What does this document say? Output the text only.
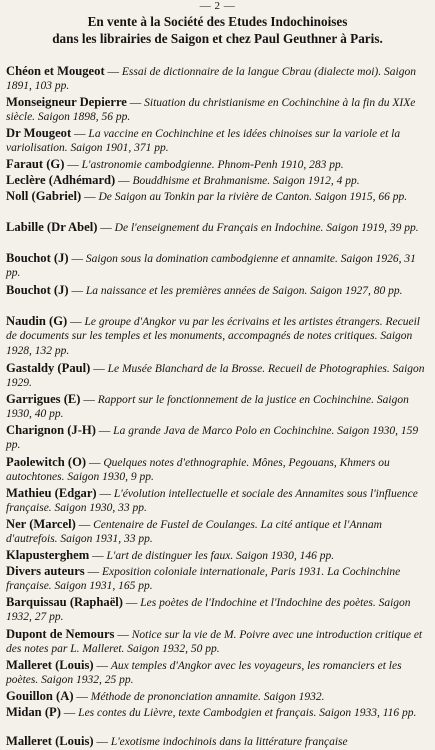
— 2 —
En vente à la Société des Etudes Indochinoises
dans les librairies de Saigon et chez Paul Geuthner à Paris.
Chéon et Mougeot — Essai de dictionnaire de la langue Cbrau (dialecte moi). Saigon 1891, 103 pp.
Monseigneur Depierre — Situation du christianisme en Cochinchine à la fin du XIXe siècle. Saigon 1898, 56 pp.
Dr Mougeot — La vaccine en Cochinchine et les idées chinoises sur la variole et la variolisation. Saigon 1901, 371 pp.
Faraut (G) — L'astronomie cambodgienne. Phnom-Penh 1910, 283 pp.
Leclère (Adhémard) — Bouddhisme et Brahmanisme. Saigon 1912, 4 pp.
Noll (Gabriel) — De Saigon au Tonkin par la rivière de Canton. Saigon 1915, 66 pp.
Labille (Dr Abel) — De l'enseignement du Français en Indochine. Saigon 1919, 39 pp.
Bouchot (J) — Saigon sous la domination cambodgienne et annamite. Saigon 1926, 31 pp.
Bouchot (J) — La naissance et les premières années de Saigon. Saigon 1927, 80 pp.
Naudin (G) — Le groupe d'Angkor vu par les écrivains et les artistes étrangers. Recueil de documents sur les temples et les monuments, accompagnés de notes critiques. Saigon 1928, 132 pp.
Gastaldy (Paul) — Le Musée Blanchard de la Brosse. Recueil de Photographies. Saigon 1929.
Garrigues (E) — Rapport sur le fonctionnement de la justice en Cochinchine. Saigon 1930, 40 pp.
Charignon (J-H) — La grande Java de Marco Polo en Cochinchine. Saigon 1930, 159 pp.
Paolewitch (O) — Quelques notes d'ethnographie. Mônes, Pegouans, Khmers ou autochtones. Saigon 1930, 9 pp.
Mathieu (Edgar) — L'évolution intellectuelle et sociale des Annamites sous l'influence française. Saigon 1930, 33 pp.
Ner (Marcel) — Centenaire de Fustel de Coulanges. La cité antique et l'Annam d'autrefois. Saigon 1931, 33 pp.
Klapusterghem — L'art de distinguer les faux. Saigon 1930, 146 pp.
Divers auteurs — Exposition coloniale internationale, Paris 1931. La Cochinchine française. Saigon 1931, 165 pp.
Barquissau (Raphaël) — Les poètes de l'Indochine et l'Indochine des poètes. Saigon 1932, 27 pp.
Dupont de Nemours — Notice sur la vie de M. Poivre avec une introduction critique et des notes par L. Malleret. Saigon 1932, 50 pp.
Malleret (Louis) — Aux temples d'Angkor avec les voyageurs, les romanciers et les poètes. Saigon 1932, 25 pp.
Gouillon (A) — Méthode de prononciation annamite. Saigon 1932.
Midan (P) — Les contes du Lièvre, texte Cambodgien et français. Saigon 1933, 116 pp.
Malleret (Louis) — L'exotisme indochinois dans la littérature française
